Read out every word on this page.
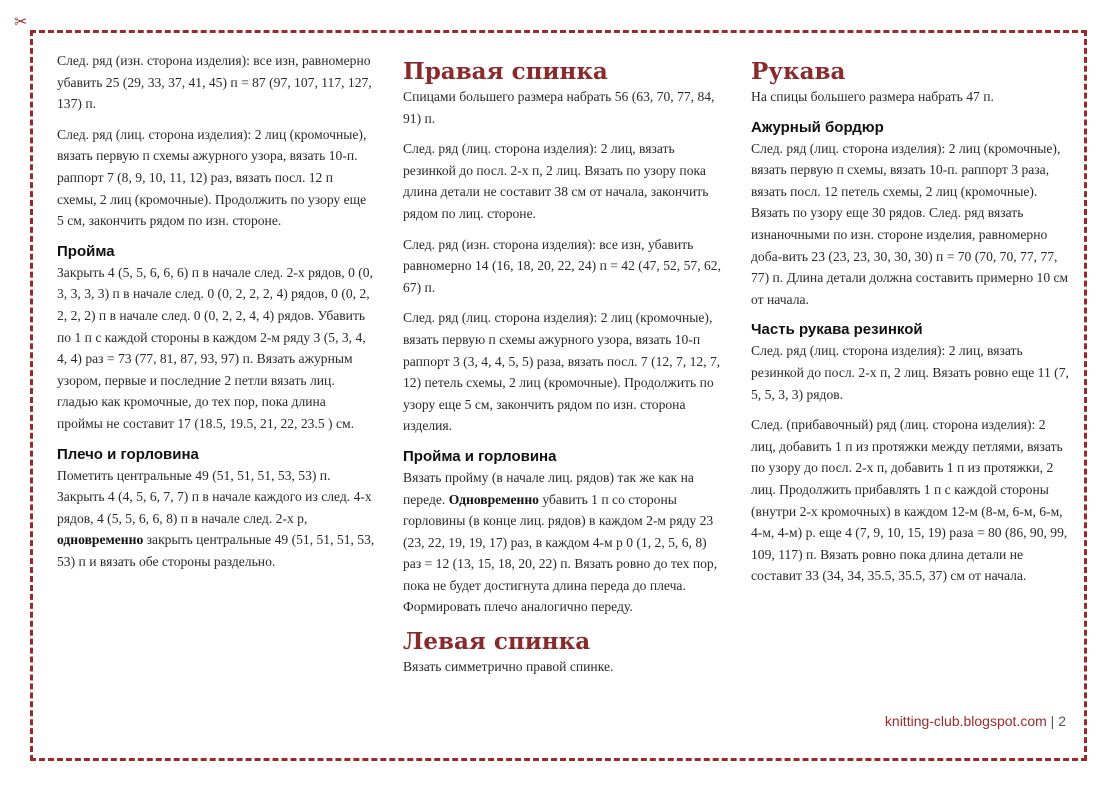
✂

След. ряд (изн. сторона изделия): все изн, равномерно убавить 25 (29, 33, 37, 41, 45) п = 87 (97, 107, 117, 127, 137) п.

След. ряд (лиц. сторона изделия): 2 лиц (кромочные), вязать первую п схемы ажурного узора, вязать 10-п. раппорт 7 (8, 9, 10, 11, 12) раз, вязать посл. 12 п схемы, 2 лиц (кромочные). Продолжить по узору еще 5 см, закончить рядом по изн. стороне.

Пройма

Закрыть 4 (5, 5, 6, 6, 6) п в начале след. 2-х рядов, 0 (0, 3, 3, 3, 3) п в начале след. 0 (0, 2, 2, 2, 4) рядов, 0 (0, 2, 2, 2, 2) п в начале след. 0 (0, 2, 2, 4, 4) рядов. Убавить по 1 п с каждой стороны в каждом 2-м ряду 3 (5, 3, 4, 4, 4) раз = 73 (77, 81, 87, 93, 97) п. Вязать ажурным узором, первые и последние 2 петли вязать лиц. гладью как кромочные, до тех пор, пока длина проймы не составит 17 (18.5, 19.5, 21, 22, 23.5 ) см.

Плечо и горловина

Пометить центральные 49 (51, 51, 51, 53, 53) п. Закрыть 4 (4, 5, 6, 7, 7) п в начале каждого из след. 4-х рядов, 4 (5, 5, 6, 6, 8) п в начале след. 2-х р, одновременно закрыть центральные 49 (51, 51, 51, 53, 53) п и вязать обе стороны раздельно.

Правая спинка

Спицами большего размера набрать 56 (63, 70, 77, 84, 91) п.

След. ряд (лиц. сторона изделия): 2 лиц, вязать резинкой до посл. 2-х п, 2 лиц. Вязать по узору пока длина детали не составит 38 см от начала, закончить рядом по лиц. стороне.

След. ряд (изн. сторона изделия): все изн, убавить равномерно 14 (16, 18, 20, 22, 24) п = 42 (47, 52, 57, 62, 67) п.

След. ряд (лиц. сторона изделия): 2 лиц (кромочные), вязать первую п схемы ажурного узора, вязать 10-п раппорт 3 (3, 4, 4, 5, 5) раза, вязать посл. 7 (12, 7, 12, 7, 12) петель схемы, 2 лиц (кромочные). Продолжить по узору еще 5 см, закончить рядом по изн. сторона изделия.

Пройма и горловина

Вязать пройму (в начале лиц. рядов) так же как на переде. Одновременно убавить 1 п со стороны горловины (в конце лиц. рядов) в каждом 2-м ряду 23 (23, 22, 19, 19, 17) раз, в каждом 4-м р 0 (1, 2, 5, 6, 8) раз = 12 (13, 15, 18, 20, 22) п. Вязать ровно до тех пор, пока не будет достигнута длина переда до плеча. Формировать плечо аналогично переду.

Левая спинка

Вязать симметрично правой спинке.

Рукава

На спицы большего размера набрать 47 п.

Ажурный бордюр

След. ряд (лиц. сторона изделия): 2 лиц (кромочные), вязать первую п схемы, вязать 10-п. раппорт 3 раза, вязать посл. 12 петель схемы, 2 лиц (кромочные). Вязать по узору еще 30 рядов. След. ряд вязать изнаночными по изн. стороне изделия, равномерно доба-вить 23 (23, 23, 30, 30, 30) п = 70 (70, 70, 77, 77, 77) п. Длина детали должна составить примерно 10 см от начала.

Часть рукава резинкой

След. ряд (лиц. сторона изделия): 2 лиц, вязать резинкой до посл. 2-х п, 2 лиц. Вязать ровно еще 11 (7, 5, 5, 3, 3) рядов.

След. (прибавочный) ряд (лиц. сторона изделия): 2 лиц, добавить 1 п из протяжки между петлями, вязать по узору до посл. 2-х п, добавить 1 п из протяжки, 2 лиц. Продолжить прибавлять 1 п с каждой стороны (внутри 2-х кромочных) в каждом 12-м (8-м, 6-м, 6-м, 4-м, 4-м) р. еще 4 (7, 9, 10, 15, 19) раза = 80 (86, 90, 99, 109, 117) п. Вязать ровно пока длина детали не составит 33 (34, 34, 35.5, 35.5, 37) см от начала.

knitting-club.blogspot.com | 2
